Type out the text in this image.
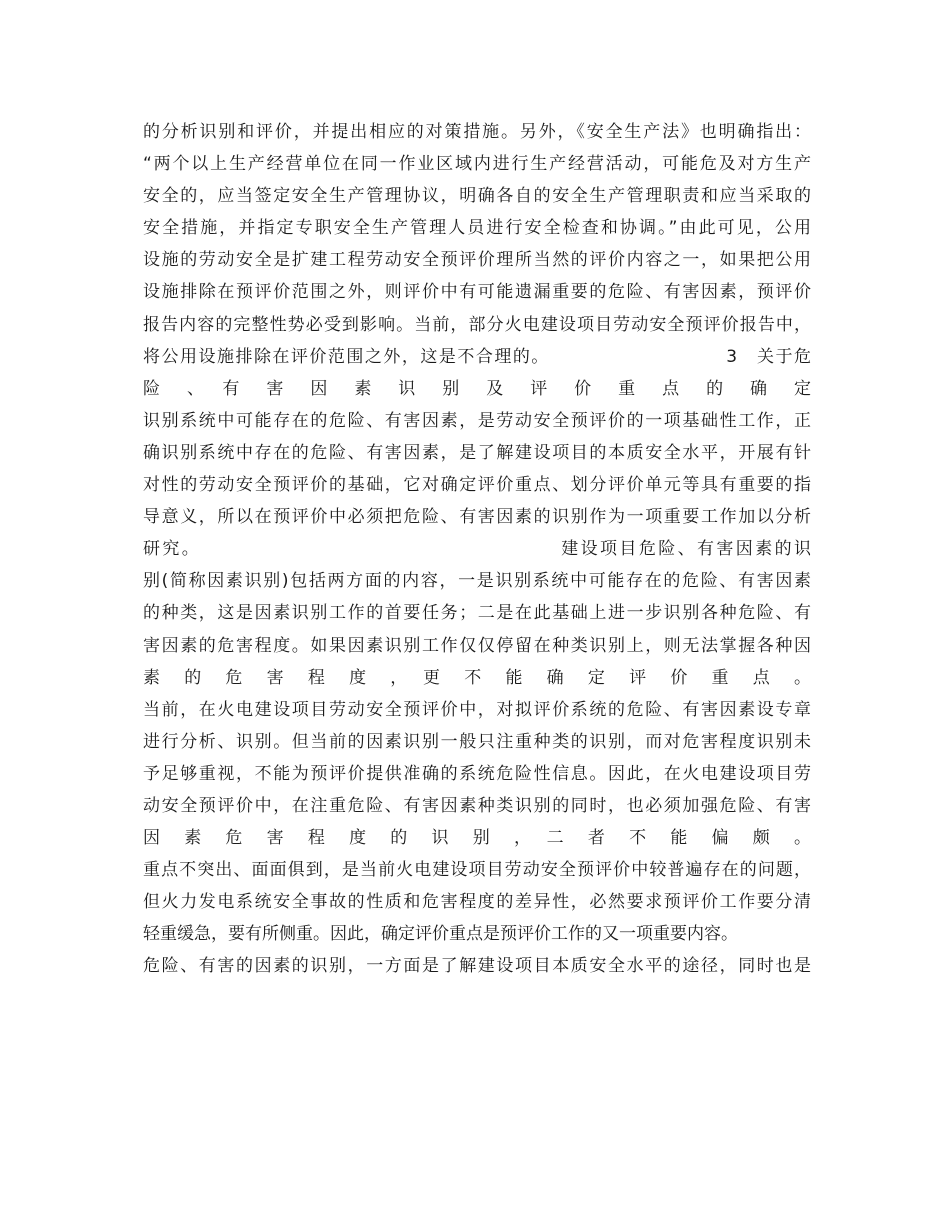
的分析识别和评价，并提出相应的对策措施。另外，《安全生产法》也明确指出：
“两个以上生产经营单位在同一作业区域内进行生产经营活动，可能危及对方生产
安全的，应当签定安全生产管理协议，明确各自的安全生产管理职责和应当采取的
安全措施，并指定专职安全生产管理人员进行安全检查和协调。”由此可见，公用
设施的劳动安全是扩建工程劳动安全预评价理所当然的评价内容之一，如果把公用
设施排除在预评价范围之外，则评价中有可能遗漏重要的危险、有害因素，预评价
报告内容的完整性势必受到影响。当前，部分火电建设项目劳动安全预评价报告中，
将公用设施排除在评价范围之外，这是不合理的。　　　　　　　　　　3　关于危
险　、　有　害　因　素　识　别　及　评　价　重　点　的　确　定
识别系统中可能存在的危险、有害因素，是劳动安全预评价的一项基础性工作，正
确识别系统中存在的危险、有害因素，是了解建设项目的本质安全水平，开展有针
对性的劳动安全预评价的基础，它对确定评价重点、划分评价单元等具有重要的指
导意义，所以在预评价中必须把危险、有害因素的识别作为一项重要工作加以分析
研究。　　　　　　　　　　　　　　　　　　　建设项目危险、有害因素的识
别(简称因素识别)包括两方面的内容，一是识别系统中可能存在的危险、有害因素
的种类，这是因素识别工作的首要任务；二是在此基础上进一步识别各种危险、有
害因素的危害程度。如果因素识别工作仅仅停留在种类识别上，则无法掌握各种因
素　的　危　害　程　度　，　更　不　能　确　定　评　价　重　点　。
当前，在火电建设项目劳动安全预评价中，对拟评价系统的危险、有害因素设专章
进行分析、识别。但当前的因素识别一般只注重种类的识别，而对危害程度识别未
予足够重视，不能为预评价提供准确的系统危险性信息。因此，在火电建设项目劳
动安全预评价中，在注重危险、有害因素种类识别的同时，也必须加强危险、有害
因　素　危　害　程　度　的　识　别　，　二　者　不　能　偏　颇　。
重点不突出、面面俱到，是当前火电建设项目劳动安全预评价中较普遍存在的问题，
但火力发电系统安全事故的性质和危害程度的差异性，必然要求预评价工作要分清
轻重缓急，要有所侧重。因此，确定评价重点是预评价工作的又一项重要内容。
危险、有害的因素的识别，一方面是了解建设项目本质安全水平的途径，同时也是
